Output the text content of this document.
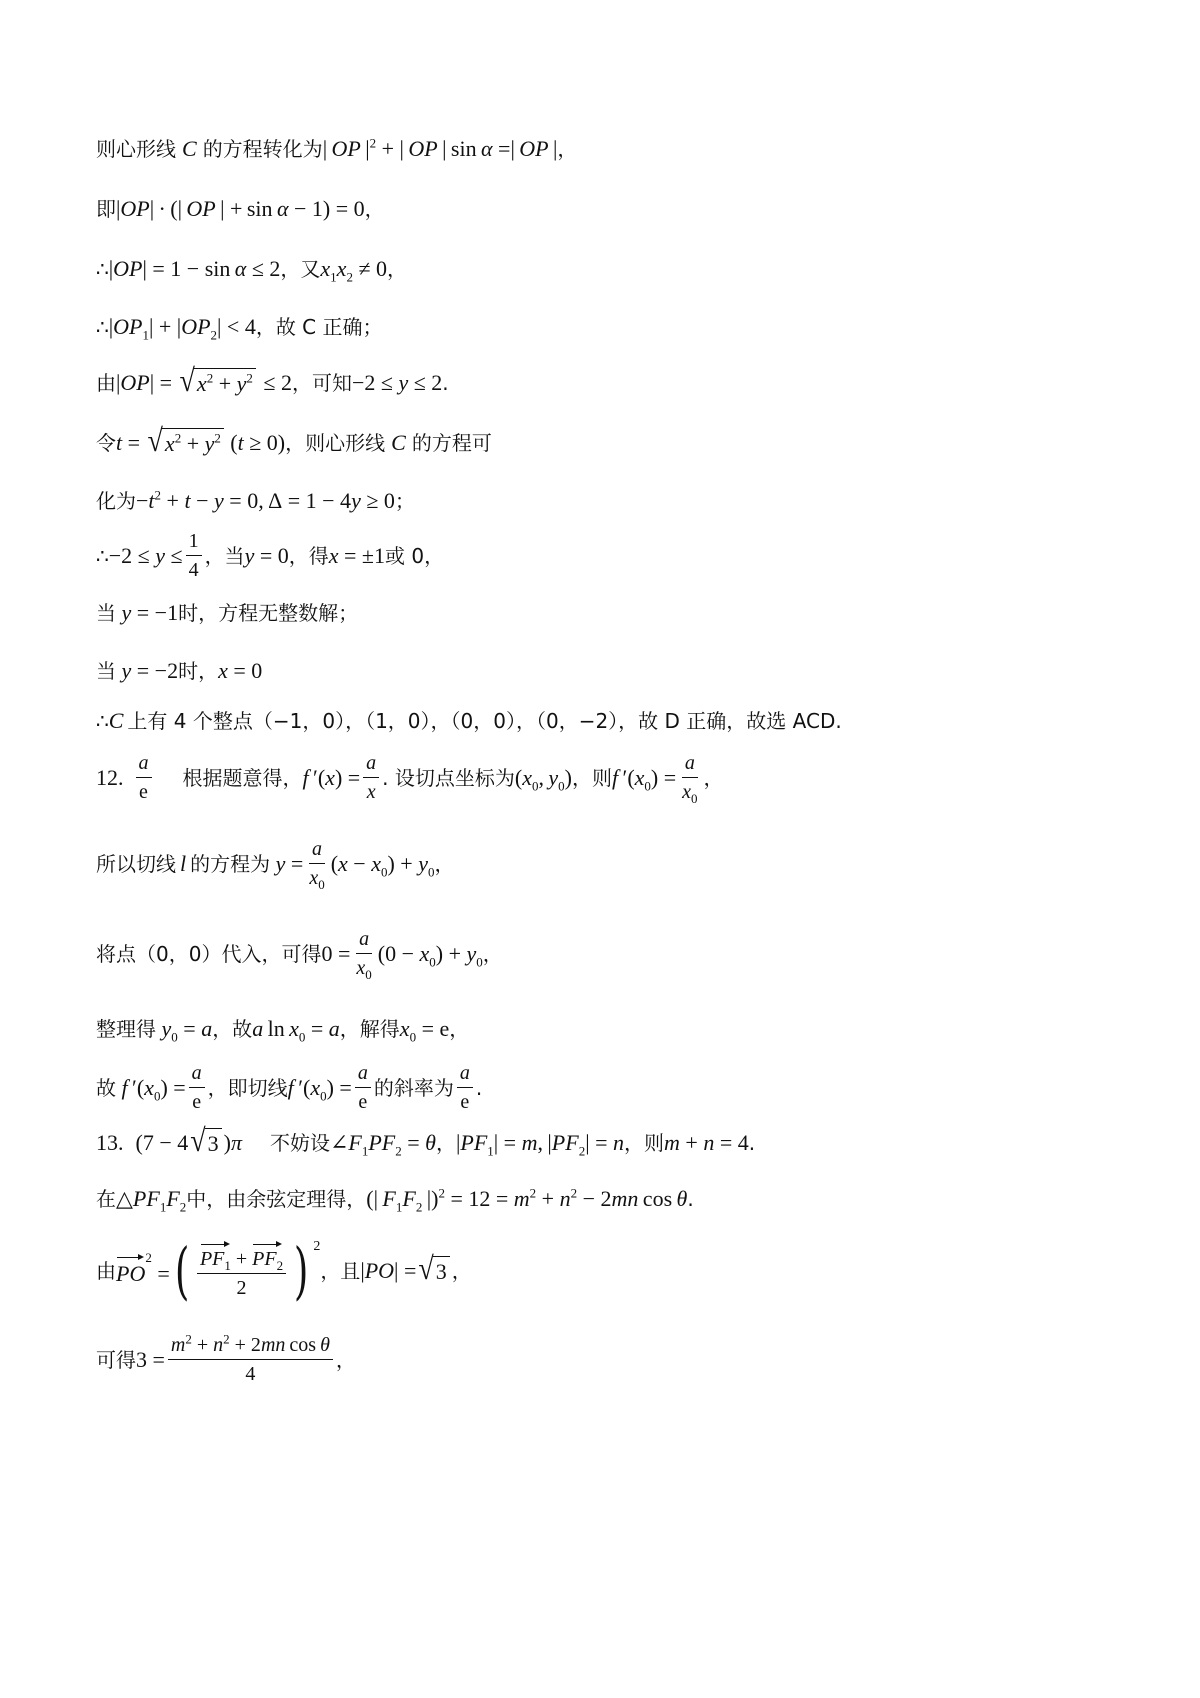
则心形线 C 的方程转化为 | OP $|^2$ + | OP | sin α =| OP | ，
即 |OP| · (| OP | + sin α − 1) = 0 ，
∴ |OP| = 1 − sin α ≤ 2 ，又 $x_1x_2 \ne 0$ ，
∴ $|OP_1| + |OP_2| < 4$ ，故 C 正确；
由 |OP| = √ $x^2 + y^2 \le 2$ ，可知 −2 ≤ y ≤ 2 .
令 t = √ $x^2 + y^2$  (t ≥ 0) ，则心形线 C 的方程可
化为 $-t^2 + t - y = 0$, Δ = 1 − 4y ≥ 0 ；
∴ $-2 \le y \le \frac{1}{4}$ ，当 y = 0 ，得 x = ±1 或 0，
当 y = −1 时，方程无整数解；
当 y = −2 时， x = 0
∴ C 上有 4 个整点（−1，0），（1，0），（0，0），（0，−2），故 D 正确，故选 ACD.
12. $\frac{a}{e}$ 根据题意得， f $'(x) = \frac{a}{x}$ . 设切点坐标为 ($x_0$, $y_0$) ，则 f $'(x_0) = \frac{a}{x_0}$ ，
所以切线 l 的方程为 $y = \frac{a}{x_0} (x - x_0) + y_0$ ，
将点（0，0）代入，可得 $0 = \frac{a}{x_0} (0 - x_0) + y_0$ ，
整理得 $y_0 = a$ ，故 a $\ln x_0 = a$ ，解得 $x_0 = e$ ，
故 f $'(x_0) = \frac{a}{e}$ ，即切线 f $'(x_0) = \frac{a}{e}$ 的斜率为 $\frac{a}{e}$ .
13. (7 − 4 √ 3 )π 不妨设 $\angle F_1PF_2 = \theta$ ， $|PF_1| = m$, $|PF_2| = n$ ，则 m + n = 4 .
在 $\triangle PF_1F_2$ 中，由余弦定理得， (| $F_1F_2$ $|)^2 = 12 = m^2 + n^2 - 2mn$ cos θ .
由 $PO^2$ = ( $\frac{PF_1 + PF_2}{2}$ ) 2
，且 |PO| = √ 3 ，
可得 $3 = \frac{m^2 + n^2 + 2mn \cos \theta}{4}$ ，
